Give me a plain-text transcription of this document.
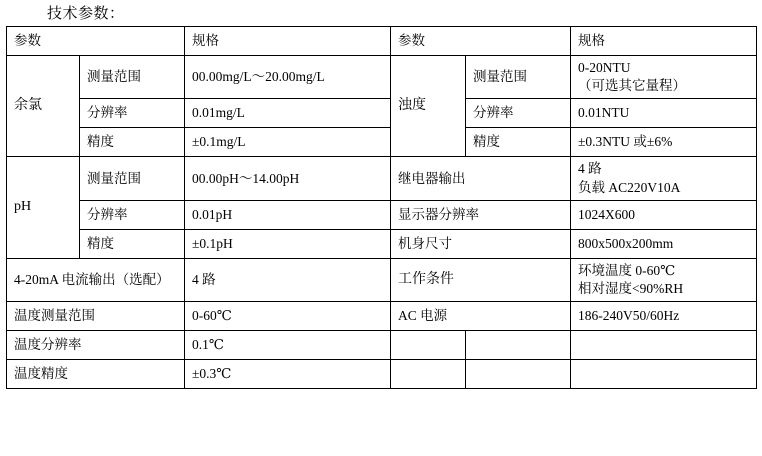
技术参数：
参数		规格	参数		规格
余氯	测量范围	00.00mg/L～20.00mg/L	浊度	测量范围	0-20NTU
（可选其它量程）

	分辨率	0.01mg/L		分辨率	0.01NTU
	精度	±0.1mg/L		精度	±0.3NTU 或±6%
pH	测量范围	00.00pH～14.00pH	继电器输出		4 路
负载 AC220V10A

	分辨率	0.01pH	显示器分辨率		1024X600
	精度	±0.1pH	机身尺寸		800x500x200mm
4-20mA 电流输出（选配）		4 路	工作条件		环境温度 0-60℃
相对湿度<90%RH

温度测量范围		0-60℃	AC 电源		186-240V50/60Hz
温度分辨率		0.1℃			
温度精度		±0.3℃			
